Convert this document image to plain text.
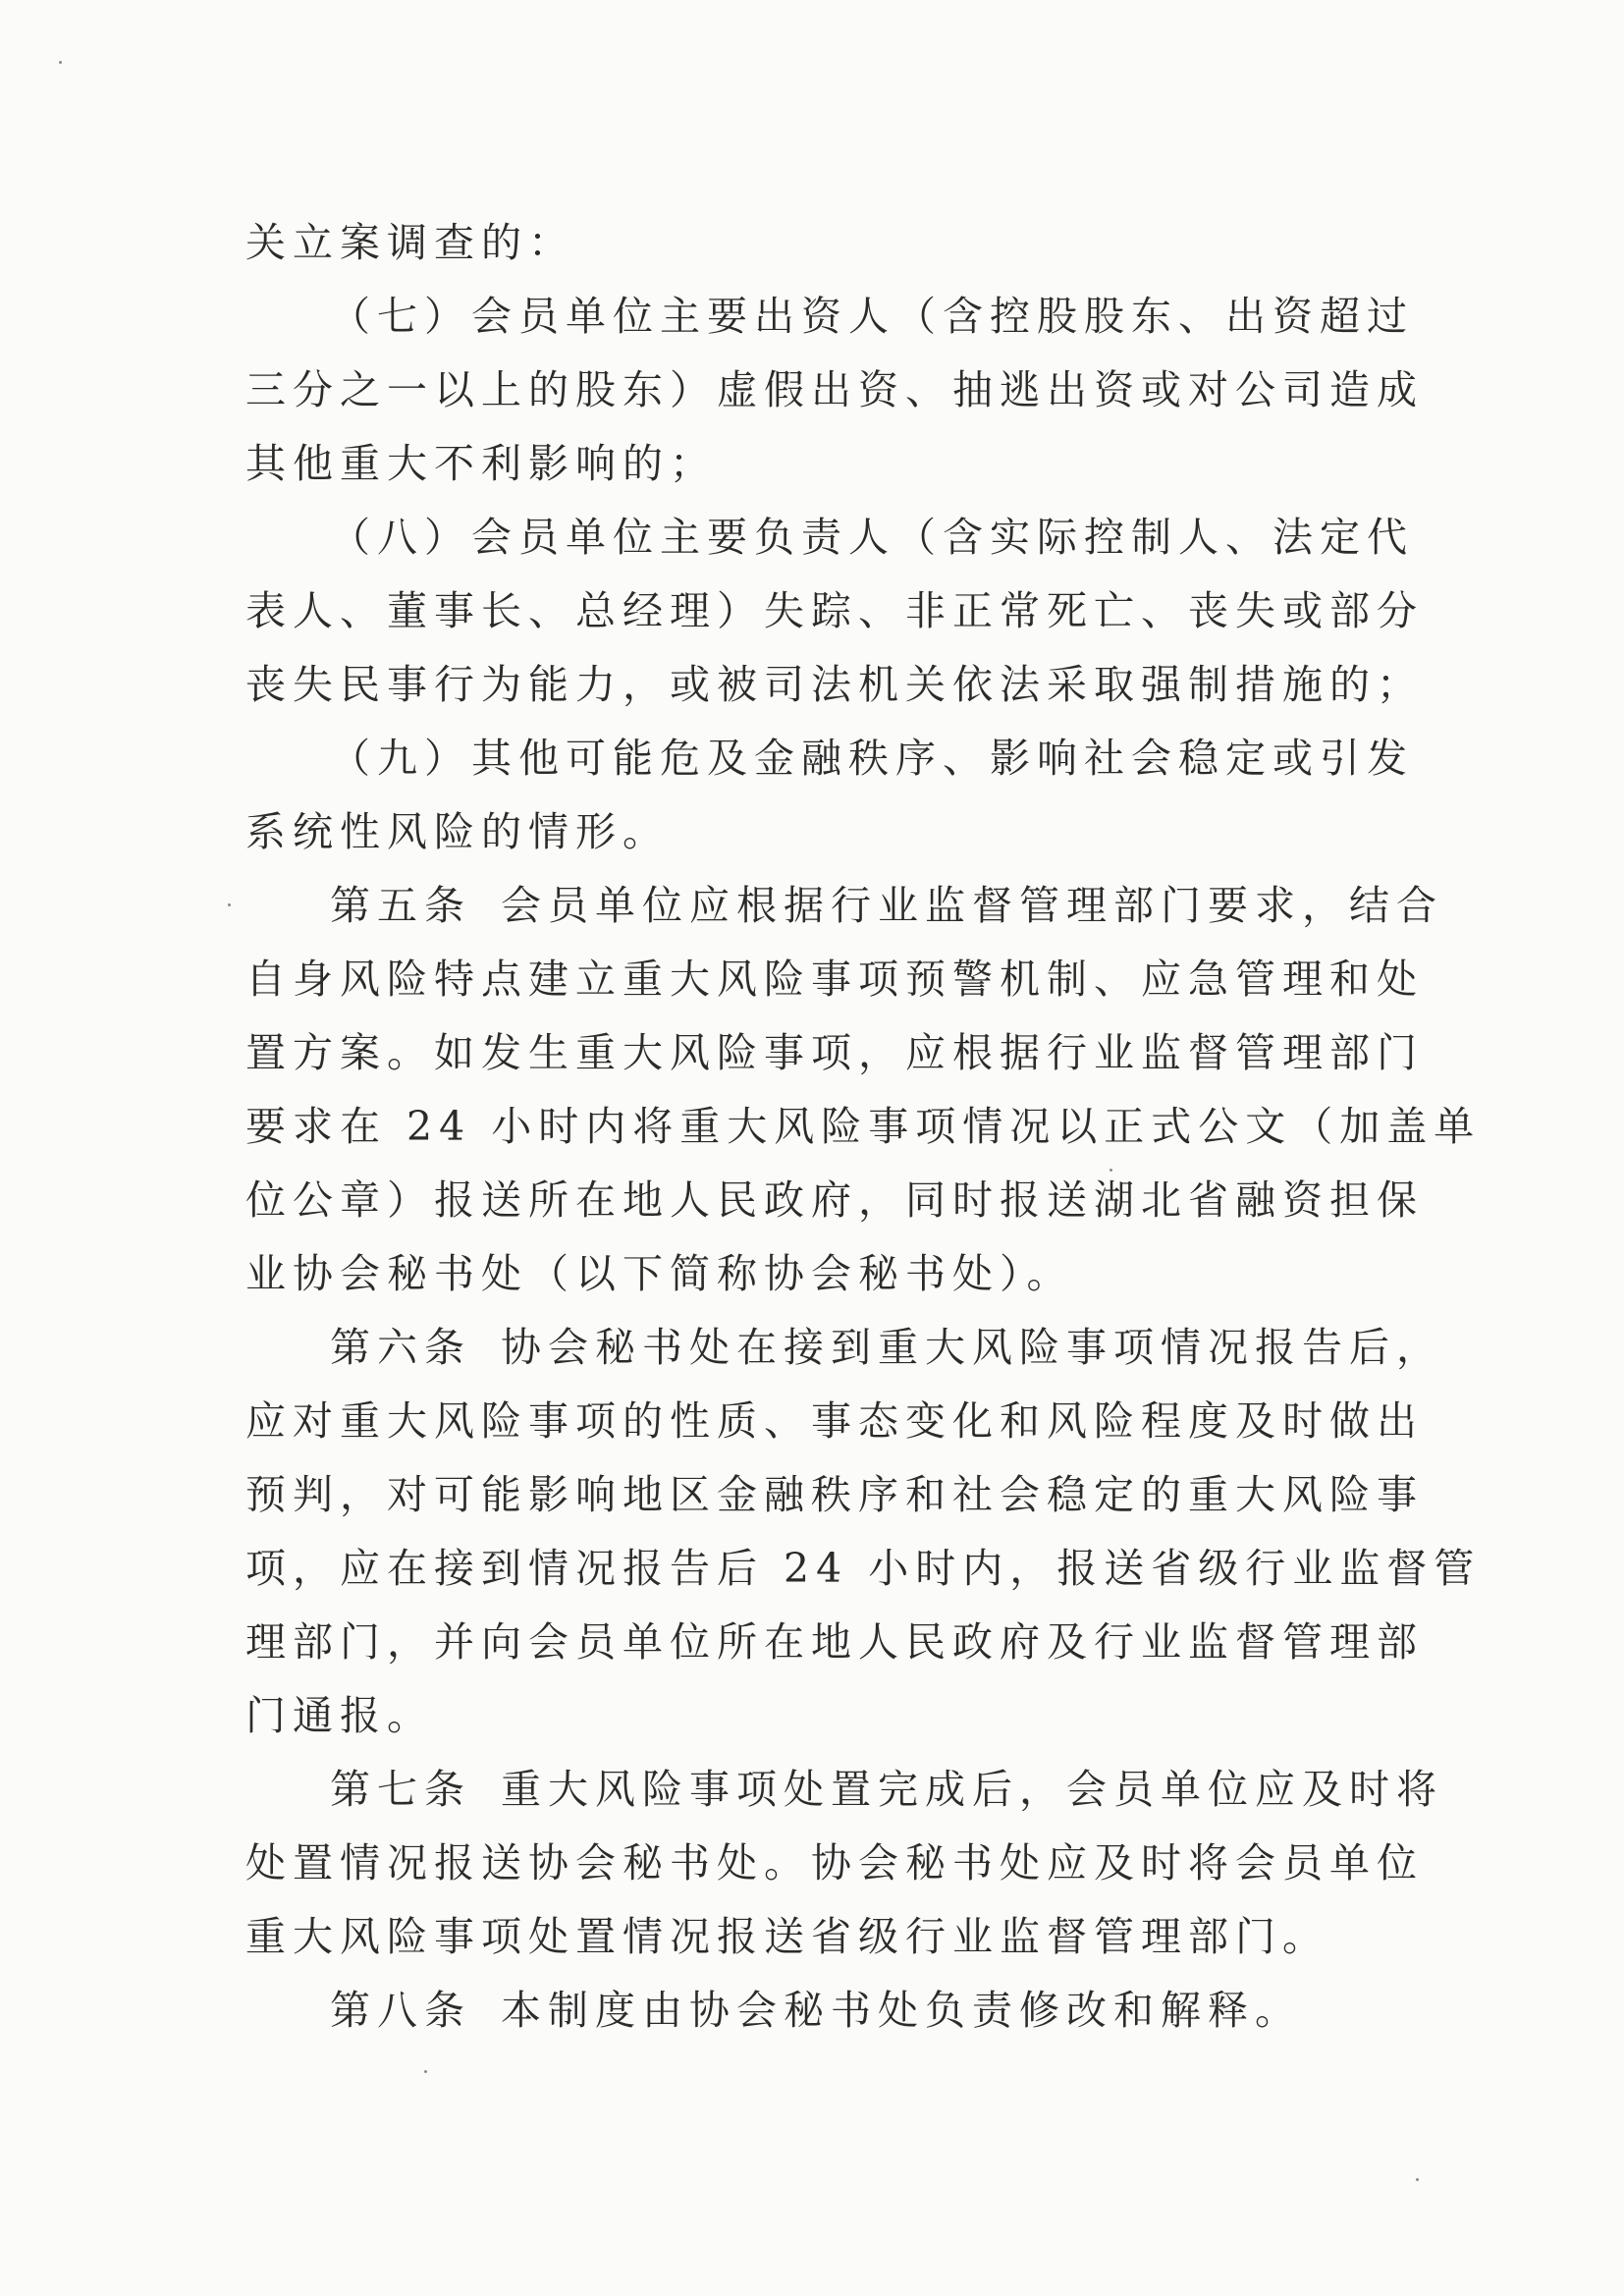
关立案调查的：
（七）会员单位主要出资人（含控股股东、出资超过
三分之一以上的股东）虚假出资、抽逃出资或对公司造成
其他重大不利影响的；
（八）会员单位主要负责人（含实际控制人、法定代
表人、董事长、总经理）失踪、非正常死亡、丧失或部分
丧失民事行为能力，或被司法机关依法采取强制措施的；
（九）其他可能危及金融秩序、影响社会稳定或引发
系统性风险的情形。
第五条 会员单位应根据行业监督管理部门要求，结合
自身风险特点建立重大风险事项预警机制、应急管理和处
置方案。如发生重大风险事项，应根据行业监督管理部门
要求在 24 小时内将重大风险事项情况以正式公文（加盖单
位公章）报送所在地人民政府，同时报送湖北省融资担保
业协会秘书处（以下简称协会秘书处）。
第六条 协会秘书处在接到重大风险事项情况报告后，
应对重大风险事项的性质、事态变化和风险程度及时做出
预判，对可能影响地区金融秩序和社会稳定的重大风险事
项，应在接到情况报告后 24 小时内，报送省级行业监督管
理部门，并向会员单位所在地人民政府及行业监督管理部
门通报。
第七条 重大风险事项处置完成后，会员单位应及时将
处置情况报送协会秘书处。协会秘书处应及时将会员单位
重大风险事项处置情况报送省级行业监督管理部门。
第八条 本制度由协会秘书处负责修改和解释。
